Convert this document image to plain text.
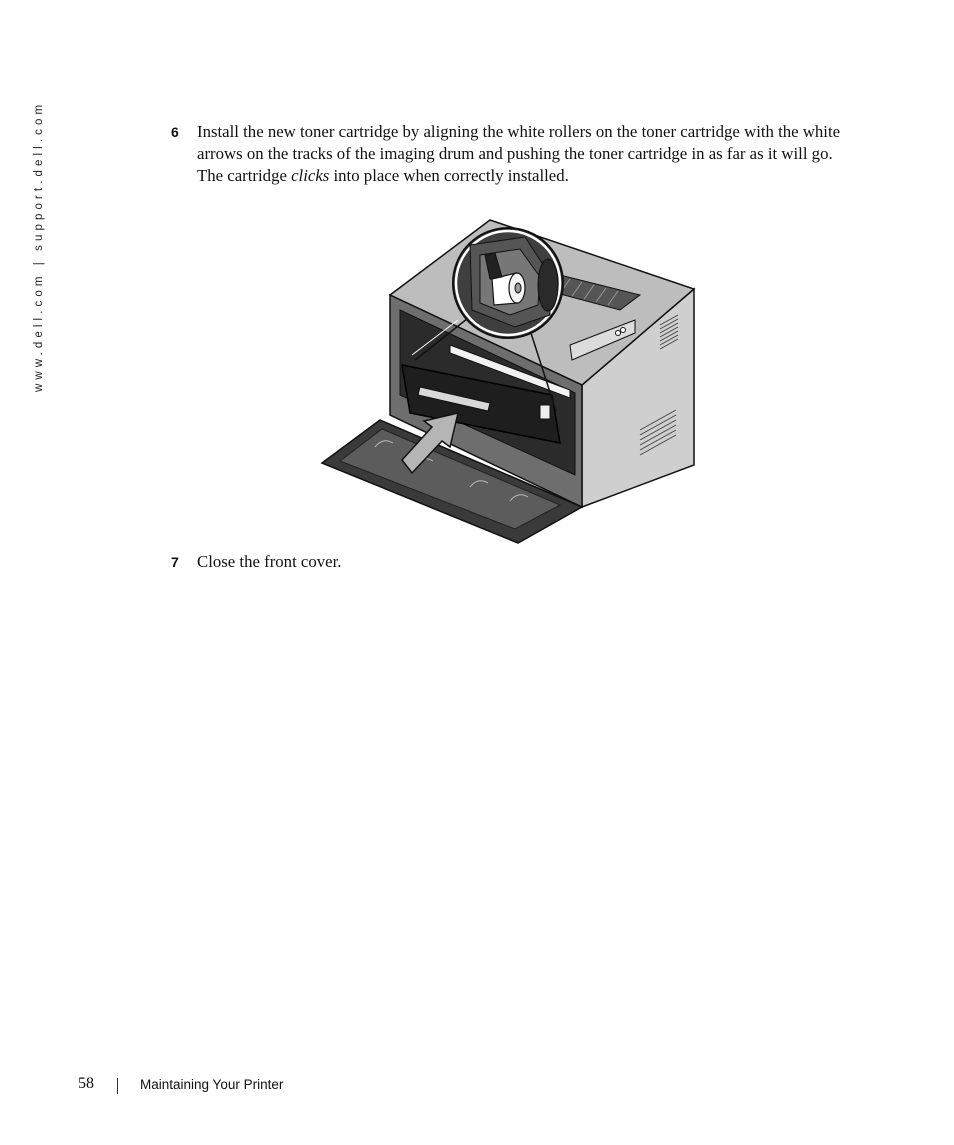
www.dell.com | support.dell.com	6 Install the new toner cartridge by aligning the white rollers on the toner cartridge with the white arrows on the tracks of the imaging drum and pushing the toner cartridge in as far as it will go. The cartridge clicks into place when correctly installed.
7 Close the front cover.
58	Maintaining Your Printer
